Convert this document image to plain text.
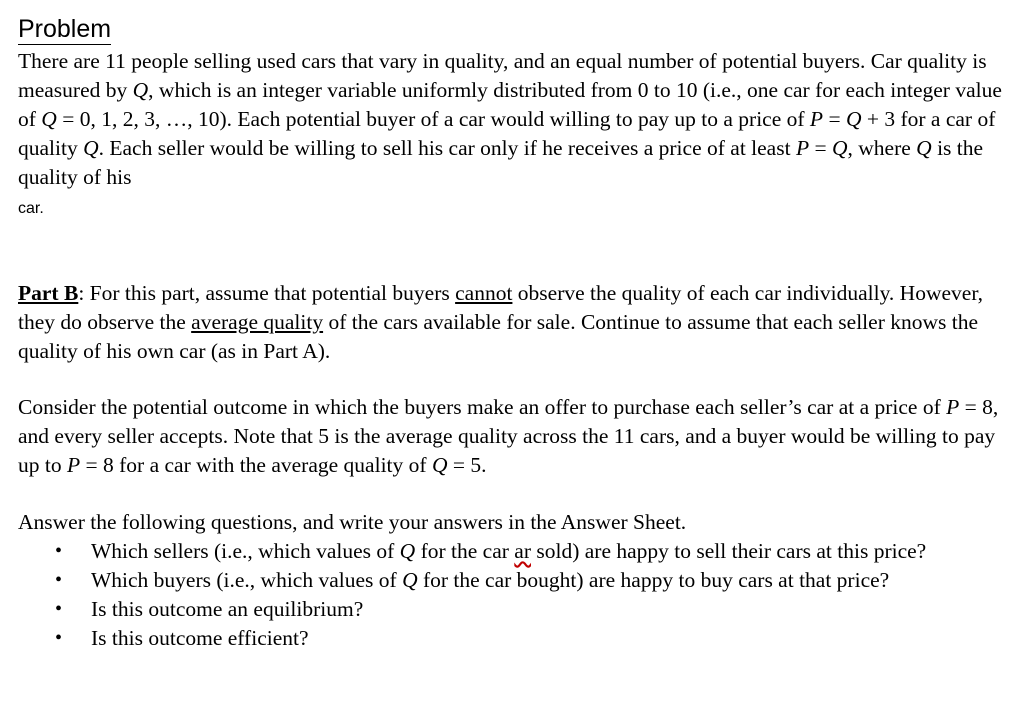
Problem

There are 11 people selling used cars that vary in quality, and an equal number of potential buyers. Car quality is measured by Q, which is an integer variable uniformly distributed from 0 to 10 (i.e., one car for each integer value of Q = 0, 1, 2, 3, …, 10). Each potential buyer of a car would willing to pay up to a price of P = Q + 3 for a car of quality Q. Each seller would be willing to sell his car only if he receives a price of at least P = Q, where Q is the quality of his
car.

Part B: For this part, assume that potential buyers cannot observe the quality of each car individually. However, they do observe the average quality of the cars available for sale. Continue to assume that each seller knows the quality of his own car (as in Part A).

Consider the potential outcome in which the buyers make an offer to purchase each seller’s car at a price of P = 8, and every seller accepts. Note that 5 is the average quality across the 11 cars, and a buyer would be willing to pay up to P = 8 for a car with the average quality of Q = 5.

Answer the following questions, and write your answers in the Answer Sheet.

• Which sellers (i.e., which values of Q for the car ar sold) are happy to sell their cars at this price?
• Which buyers (i.e., which values of Q for the car bought) are happy to buy cars at that price?
• Is this outcome an equilibrium?
• Is this outcome efficient?
